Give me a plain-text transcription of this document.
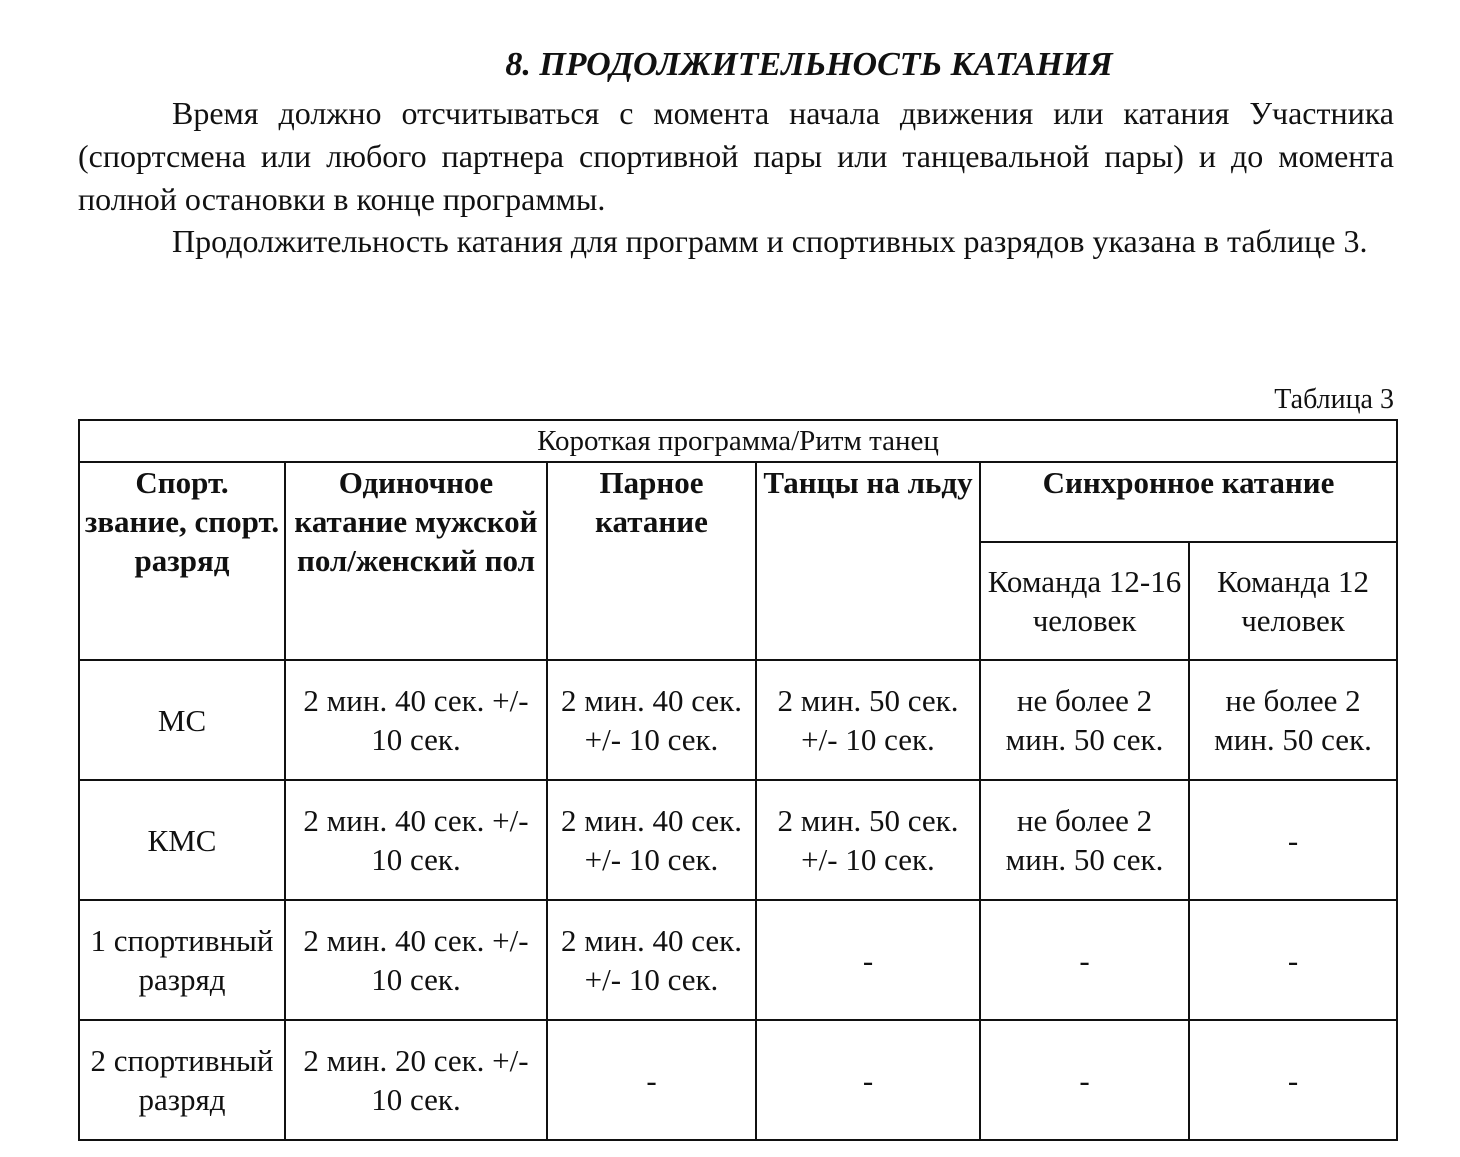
8. ПРОДОЛЖИТЕЛЬНОСТЬ КАТАНИЯ

Время должно отсчитываться с момента начала движения или катания Участника (спортсмена или любого партнера спортивной пары или танцевальной пары) и до момента полной остановки в конце программы.

Продолжительность катания для программ и спортивных разрядов указана в таблице 3.

Таблица 3

Короткая программа/Ритм танец					
Спорт. звание, спорт. разряд	Одиночное катание мужской пол/женский пол	Парное катание	Танцы на льду	Синхронное катание	
				Команда 12-16 человек	Команда 12 человек
МС	2 мин. 40 сек. +/- 10 сек.	2 мин. 40 сек. +/- 10 сек.	2 мин. 50 сек. +/- 10 сек.	не более 2 мин. 50 сек.	не более 2 мин. 50 сек.
КМС	2 мин. 40 сек. +/- 10 сек.	2 мин. 40 сек. +/- 10 сек.	2 мин. 50 сек. +/- 10 сек.	не более 2 мин. 50 сек.	-
1 спортивный разряд	2 мин. 40 сек. +/- 10 сек.	2 мин. 40 сек. +/- 10 сек.	-	-	-
2 спортивный разряд	2 мин. 20 сек. +/- 10 сек.	-	-	-	-
